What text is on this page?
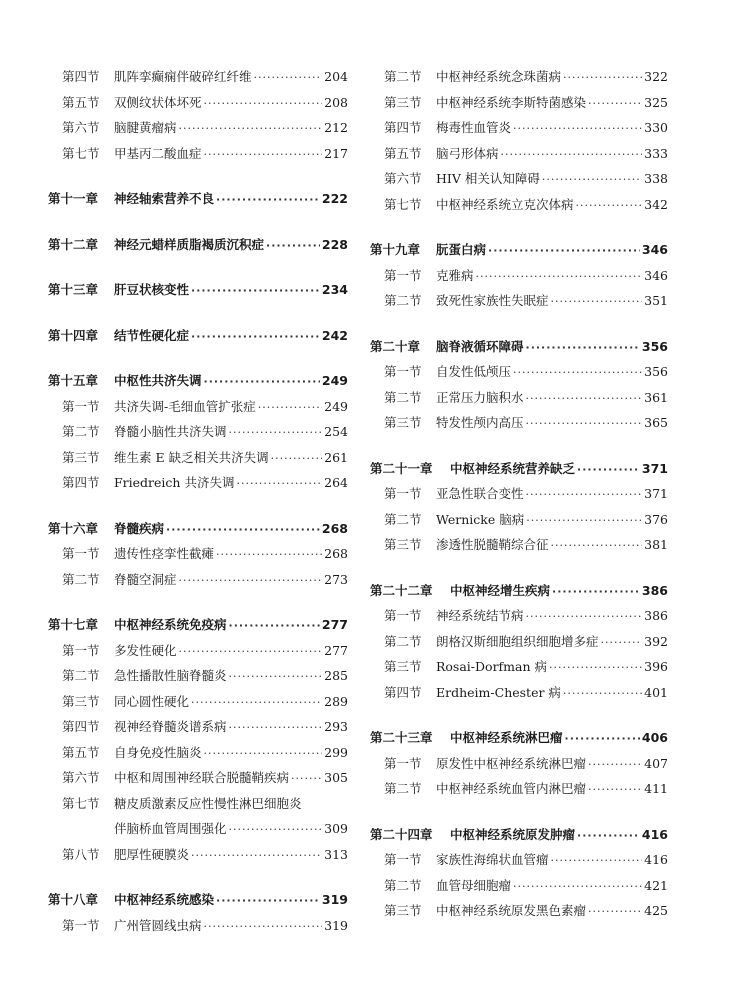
第四节	肌阵挛癫痫伴破碎红纤维 ·····	204
第五节	双侧纹状体坏死 ·····	208
第六节	脑腱黄瘤病 ·····	212
第七节	甲基丙二酸血症 ·····	217
第十一章	神经轴索营养不良 ·····	222
第十二章	神经元蜡样质脂褐质沉积症 ·····	228
第十三章	肝豆状核变性 ·····	234
第十四章	结节性硬化症 ·····	242
第十五章	中枢性共济失调 ·····	249
第一节	共济失调-毛细血管扩张症 ·····	249
第二节	脊髓小脑性共济失调 ·····	254
第三节	维生素 E 缺乏相关共济失调 ·····	261
第四节	Friedreich 共济失调 ·····	264
第十六章	脊髓疾病 ·····	268
第一节	遗传性痉挛性截瘫 ·····	268
第二节	脊髓空洞症 ·····	273
第十七章	中枢神经系统免疫病 ·····	277
第一节	多发性硬化 ·····	277
第二节	急性播散性脑脊髓炎 ·····	285
第三节	同心圆性硬化 ·····	289
第四节	视神经脊髓炎谱系病 ·····	293
第五节	自身免疫性脑炎 ·····	299
第六节	中枢和周围神经联合脱髓鞘疾病 ·····	305
第七节	糖皮质激素反应性慢性淋巴细胞炎
伴脑桥血管周围强化 ·····	309
第八节	肥厚性硬膜炎 ·····	313
第十八章	中枢神经系统感染 ·····	319
第一节	广州管圆线虫病 ·····	319
第二节	中枢神经系统念珠菌病 ·····	322
第三节	中枢神经系统李斯特菌感染 ·····	325
第四节	梅毒性血管炎 ·····	330
第五节	脑弓形体病 ·····	333
第六节	HIV 相关认知障碍 ·····	338
第七节	中枢神经系统立克次体病 ·····	342
第十九章	朊蛋白病 ·····	346
第一节	克雅病 ·····	346
第二节	致死性家族性失眠症 ·····	351
第二十章	脑脊液循环障碍 ·····	356
第一节	自发性低颅压 ·····	356
第二节	正常压力脑积水 ·····	361
第三节	特发性颅内高压 ·····	365
第二十一章	中枢神经系统营养缺乏 ·····	371
第一节	亚急性联合变性 ·····	371
第二节	Wernicke 脑病 ·····	376
第三节	渗透性脱髓鞘综合征 ·····	381
第二十二章	中枢神经增生疾病 ·····	386
第一节	神经系统结节病 ·····	386
第二节	朗格汉斯细胞组织细胞增多症 ·····	392
第三节	Rosai-Dorfman 病 ·····	396
第四节	Erdheim-Chester 病 ·····	401
第二十三章	中枢神经系统淋巴瘤 ·····	406
第一节	原发性中枢神经系统淋巴瘤 ·····	407
第二节	中枢神经系统血管内淋巴瘤 ·····	411
第二十四章	中枢神经系统原发肿瘤 ·····	416
第一节	家族性海绵状血管瘤 ·····	416
第二节	血管母细胞瘤 ·····	421
第三节	中枢神经系统原发黑色素瘤 ·····	425
